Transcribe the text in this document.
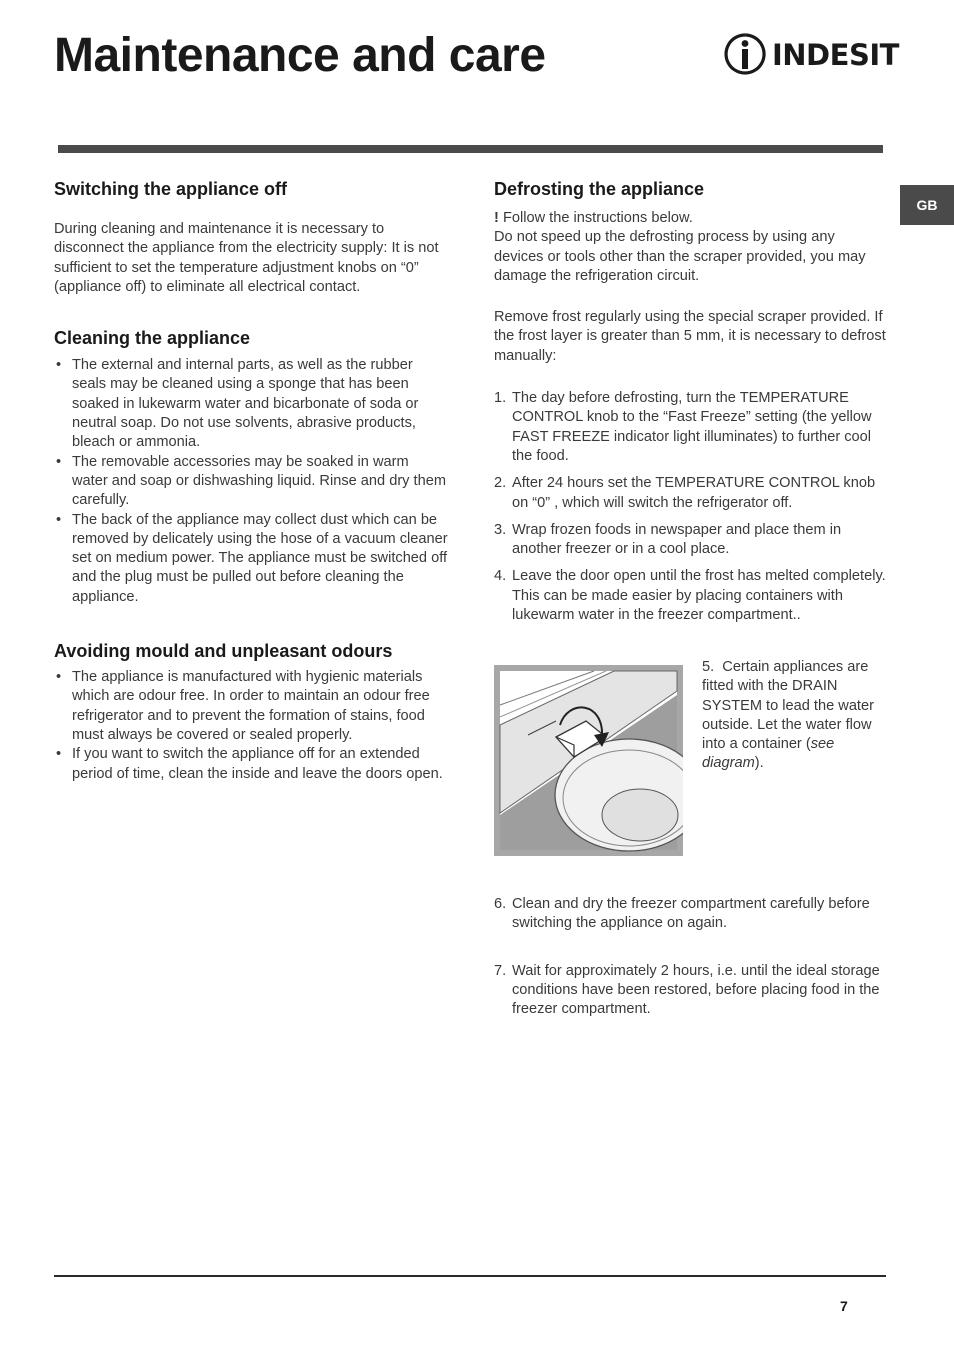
Maintenance and care	INDESIT
GB
Switching the appliance off

During cleaning and maintenance it is necessary to disconnect the appliance from the electricity supply: It is not sufficient to set the temperature adjustment knobs on “0” (appliance off) to eliminate all electrical contact.

Cleaning the appliance
• The external and internal parts, as well as the rubber seals may be cleaned using a sponge that has been soaked in lukewarm water and bicarbonate of soda or neutral soap. Do not use solvents, abrasive products, bleach or ammonia.
• The removable accessories may be soaked in warm water and soap or dishwashing liquid. Rinse and dry them carefully.
• The back of the appliance may collect dust which can be removed by delicately using the hose of a vacuum cleaner set on medium power. The appliance must be switched off and the plug must be pulled out before cleaning the appliance.
Avoiding mould and unpleasant odours
• The appliance is manufactured with hygienic materials which are odour free. In order to maintain an odour free refrigerator and to prevent the formation of stains, food must always be covered or sealed properly.
• If you want to switch the appliance off for an extended period of time, clean the inside and leave the doors open.
Defrosting the appliance

! Follow the instructions below.

Do not speed up the defrosting process by using any devices or tools other than the scraper provided, you may damage the refrigeration circuit.

Remove frost regularly using the special scraper provided. If the frost layer is greater than 5 mm, it is necessary to defrost manually:

1. The day before defrosting, turn the TEMPERATURE CONTROL knob to the “Fast Freeze” setting (the yellow FAST FREEZE indicator light illuminates) to further cool the food.
2. After 24 hours set the TEMPERATURE CONTROL knob on “0” , which will switch the refrigerator off.
3. Wrap frozen foods in newspaper and place them in another freezer or in a cool place.
4. Leave the door open until the frost has melted completely. This can be made easier by placing containers with lukewarm water in the freezer compartment..
5. Certain appliances are fitted with the DRAIN SYSTEM to lead the water outside. Let the water flow into a container (see diagram).
6. Clean and dry the freezer compartment carefully before switching the appliance on again.
7. Wait for approximately 2 hours, i.e. until the ideal storage conditions have been restored, before placing food in the freezer compartment.
7
